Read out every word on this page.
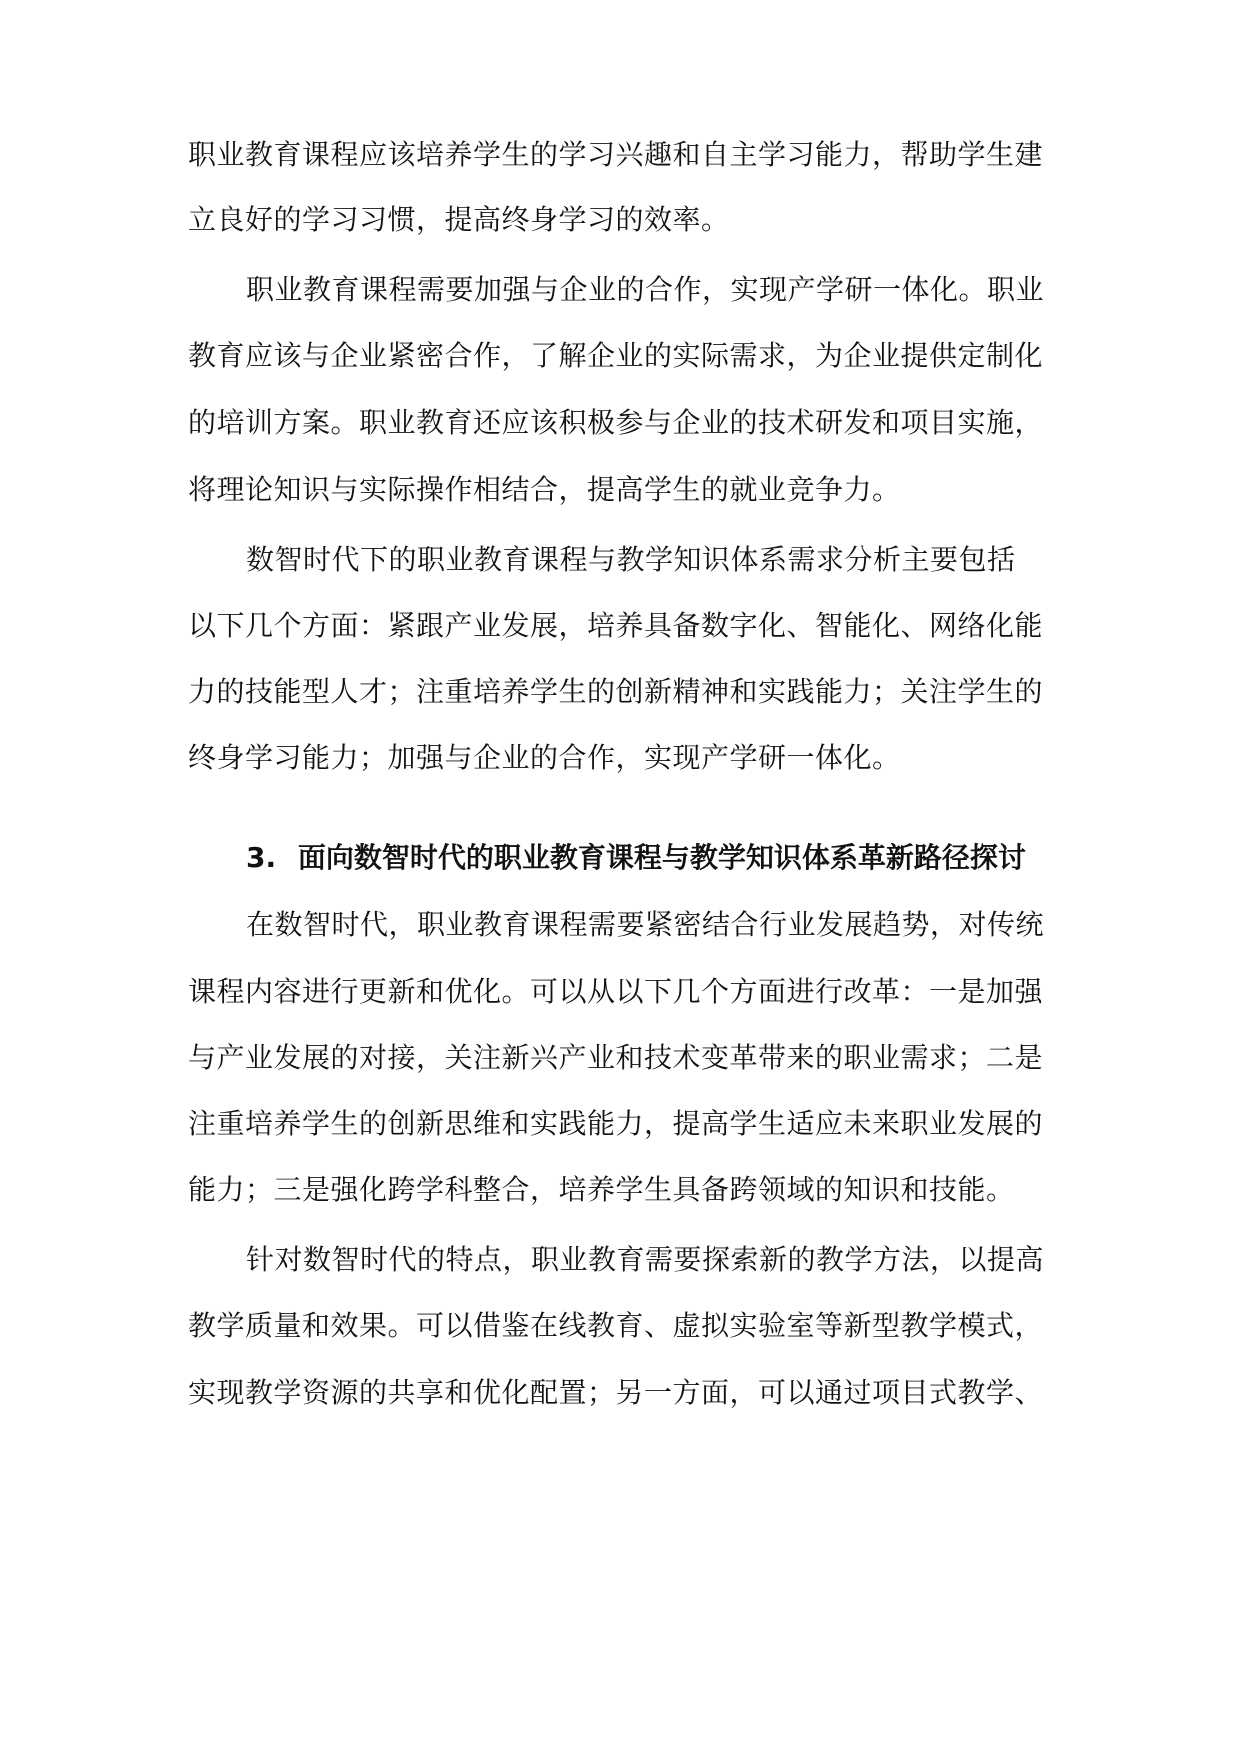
职业教育课程应该培养学生的学习兴趣和自主学习能力，帮助学生建
立良好的学习习惯，提高终身学习的效率。
职业教育课程需要加强与企业的合作，实现产学研一体化。职业
教育应该与企业紧密合作，了解企业的实际需求，为企业提供定制化
的培训方案。职业教育还应该积极参与企业的技术研发和项目实施，
将理论知识与实际操作相结合，提高学生的就业竞争力。
数智时代下的职业教育课程与教学知识体系需求分析主要包括
以下几个方面：紧跟产业发展，培养具备数字化、智能化、网络化能
力的技能型人才；注重培养学生的创新精神和实践能力；关注学生的
终身学习能力；加强与企业的合作，实现产学研一体化。
3. 面向数智时代的职业教育课程与教学知识体系革新路径探讨
在数智时代，职业教育课程需要紧密结合行业发展趋势，对传统
课程内容进行更新和优化。可以从以下几个方面进行改革：一是加强
与产业发展的对接，关注新兴产业和技术变革带来的职业需求；二是
注重培养学生的创新思维和实践能力，提高学生适应未来职业发展的
能力；三是强化跨学科整合，培养学生具备跨领域的知识和技能。
针对数智时代的特点，职业教育需要探索新的教学方法，以提高
教学质量和效果。可以借鉴在线教育、虚拟实验室等新型教学模式，
实现教学资源的共享和优化配置；另一方面，可以通过项目式教学、
